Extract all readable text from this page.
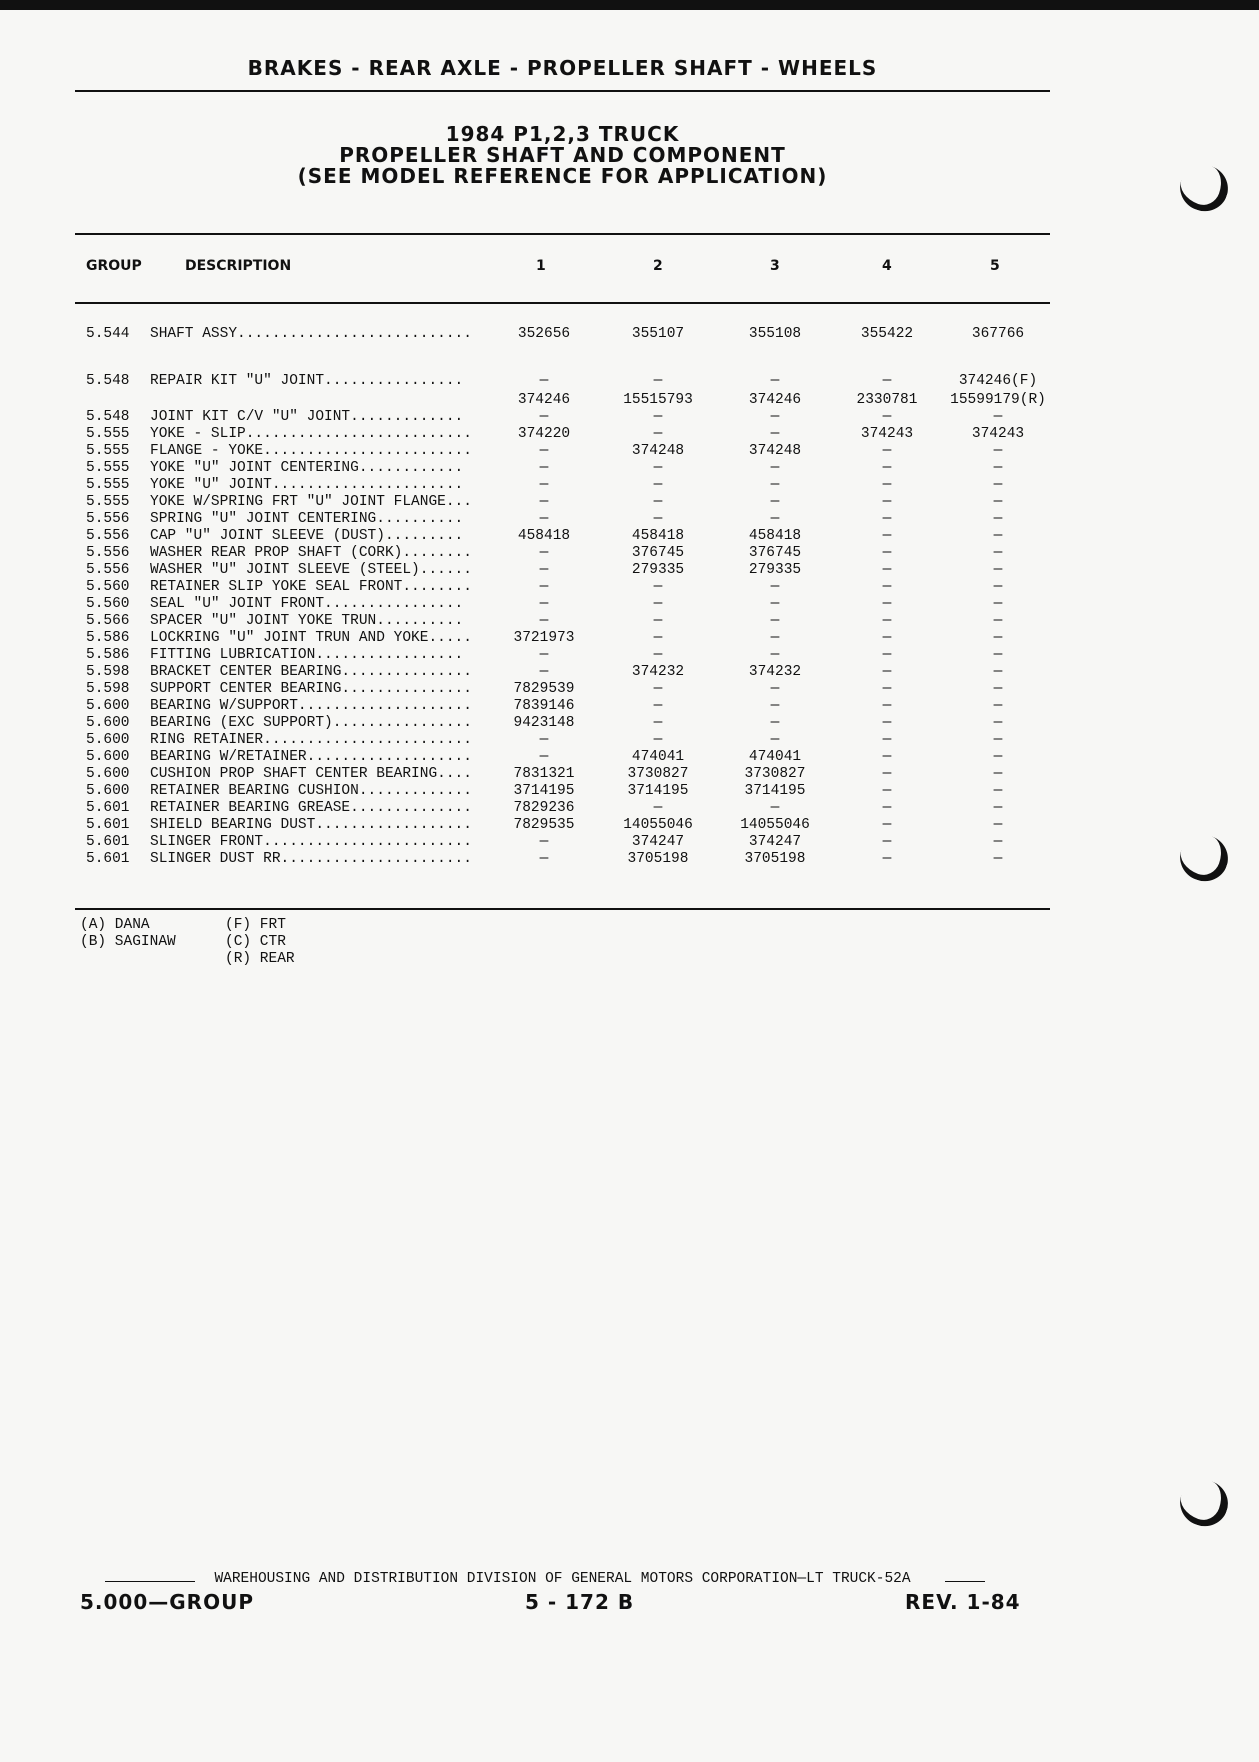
BRAKES - REAR AXLE - PROPELLER SHAFT - WHEELS
1984 P1,2,3 TRUCK
PROPELLER SHAFT AND COMPONENT
(SEE MODEL REFERENCE FOR APPLICATION)
GROUP	DESCRIPTION	1	2	3	4	5
5.544 SHAFT ASSY...........................	352656	355107	355108	355422	367766
5.548 REPAIR KIT "U" JOINT................	—	—	—	—	374246(F)
374246	15515793	374246	2330781	15599179(R)
5.548 JOINT KIT C/V "U" JOINT.............	—	—	—	—	—
5.555 YOKE - SLIP..........................	374220	—	—	374243	374243
5.555 FLANGE - YOKE........................	—	374248	374248	—	—
5.555 YOKE "U" JOINT CENTERING............	—	—	—	—	—
5.555 YOKE "U" JOINT......................	—	—	—	—	—
5.555 YOKE W/SPRING FRT "U" JOINT FLANGE...	—	—	—	—	—
5.556 SPRING "U" JOINT CENTERING..........	—	—	—	—	—
5.556 CAP "U" JOINT SLEEVE (DUST).........	458418	458418	458418	—	—
5.556 WASHER REAR PROP SHAFT (CORK)........	—	376745	376745	—	—
5.556 WASHER "U" JOINT SLEEVE (STEEL)......	—	279335	279335	—	—
5.560 RETAINER SLIP YOKE SEAL FRONT........	—	—	—	—	—
5.560 SEAL "U" JOINT FRONT................	—	—	—	—	—
5.566 SPACER "U" JOINT YOKE TRUN..........	—	—	—	—	—
5.586 LOCKRING "U" JOINT TRUN AND YOKE.....	3721973	—	—	—	—
5.586 FITTING LUBRICATION.................	—	—	—	—	—
5.598 BRACKET CENTER BEARING...............	—	374232	374232	—	—
5.598 SUPPORT CENTER BEARING...............	7829539	—	—	—	—
5.600 BEARING W/SUPPORT....................	7839146	—	—	—	—
5.600 BEARING (EXC SUPPORT)................	9423148	—	—	—	—
5.600 RING RETAINER........................	—	—	—	—	—
5.600 BEARING W/RETAINER...................	—	474041	474041	—	—
5.600 CUSHION PROP SHAFT CENTER BEARING....	7831321	3730827	3730827	—	—
5.600 RETAINER BEARING CUSHION.............	3714195	3714195	3714195	—	—
5.601 RETAINER BEARING GREASE..............	7829236	—	—	—	—
5.601 SHIELD BEARING DUST..................	7829535	14055046	14055046	—	—
5.601 SLINGER FRONT........................	—	374247	374247	—	—
5.601 SLINGER DUST RR......................	—	3705198	3705198	—	—
(A) DANA
(B) SAGINAW
(F) FRT
(C) CTR
(R) REAR
WAREHOUSING AND DISTRIBUTION DIVISION OF GENERAL MOTORS CORPORATION—LT TRUCK-52A
5.000—GROUP	5 - 172 B	REV. 1-84
